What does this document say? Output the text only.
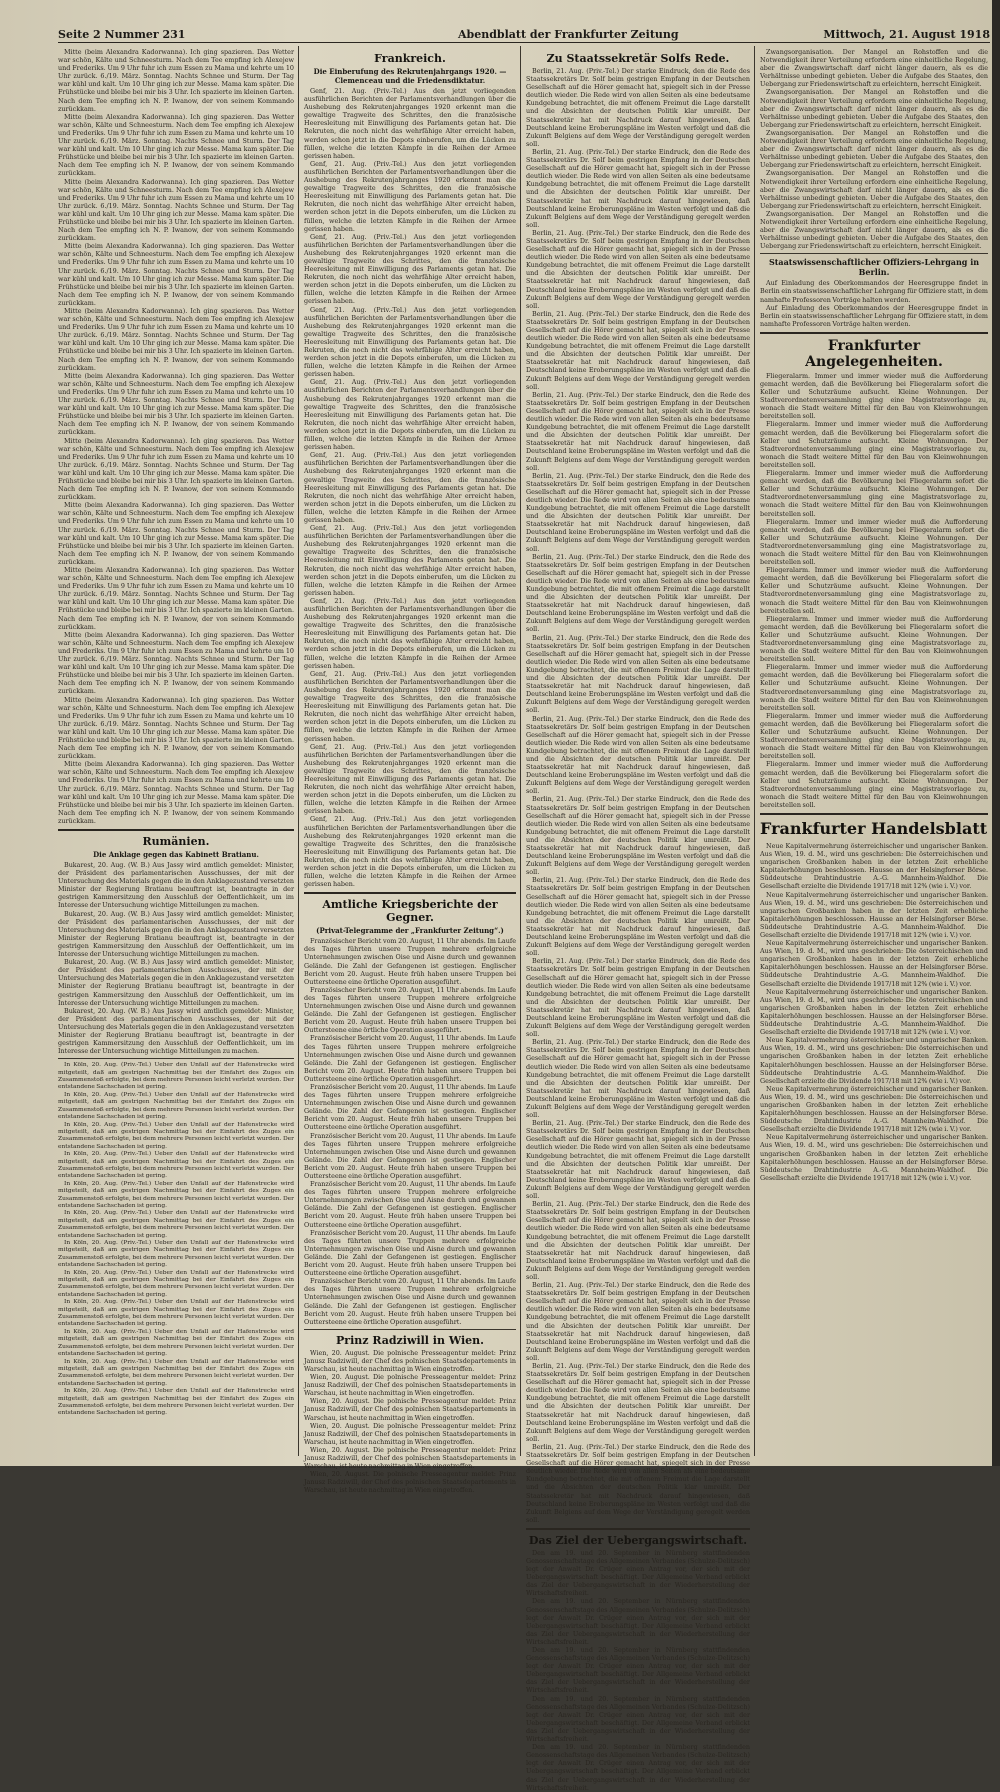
Seite 2 Nummer 231	Abendblatt der Frankfurter Zeitung	Mittwoch, 21. August 1918

Mitte (beim Alexandra Kadorwanna). Ich ging spazieren. Das Wetter war schön, Kälte und Schneesturm. Nach dem Tee empfing ich Alexejew und Frederiks. Um 9 Uhr fuhr ich zum Essen zu Mama und kehrte um 10 Uhr zurück. 6./19. März. Sonntag. Nachts Schnee und Sturm. Der Tag war kühl und kalt. Um 10 Uhr ging ich zur Messe. Mama kam später. Die Frühstücke und bleibe bei mir bis 3 Uhr. Ich spazierte im kleinen Garten. Nach dem Tee empfing ich N. P. Iwanow, der von seinem Kommando zurückkam.

Mitte (beim Alexandra Kadorwanna). Ich ging spazieren. Das Wetter war schön, Kälte und Schneesturm. Nach dem Tee empfing ich Alexejew und Frederiks. Um 9 Uhr fuhr ich zum Essen zu Mama und kehrte um 10 Uhr zurück. 6./19. März. Sonntag. Nachts Schnee und Sturm. Der Tag war kühl und kalt. Um 10 Uhr ging ich zur Messe. Mama kam später. Die Frühstücke und bleibe bei mir bis 3 Uhr. Ich spazierte im kleinen Garten. Nach dem Tee empfing ich N. P. Iwanow, der von seinem Kommando zurückkam.

Mitte (beim Alexandra Kadorwanna). Ich ging spazieren. Das Wetter war schön, Kälte und Schneesturm. Nach dem Tee empfing ich Alexejew und Frederiks. Um 9 Uhr fuhr ich zum Essen zu Mama und kehrte um 10 Uhr zurück. 6./19. März. Sonntag. Nachts Schnee und Sturm. Der Tag war kühl und kalt. Um 10 Uhr ging ich zur Messe. Mama kam später. Die Frühstücke und bleibe bei mir bis 3 Uhr. Ich spazierte im kleinen Garten. Nach dem Tee empfing ich N. P. Iwanow, der von seinem Kommando zurückkam.

Mitte (beim Alexandra Kadorwanna). Ich ging spazieren. Das Wetter war schön, Kälte und Schneesturm. Nach dem Tee empfing ich Alexejew und Frederiks. Um 9 Uhr fuhr ich zum Essen zu Mama und kehrte um 10 Uhr zurück. 6./19. März. Sonntag. Nachts Schnee und Sturm. Der Tag war kühl und kalt. Um 10 Uhr ging ich zur Messe. Mama kam später. Die Frühstücke und bleibe bei mir bis 3 Uhr. Ich spazierte im kleinen Garten. Nach dem Tee empfing ich N. P. Iwanow, der von seinem Kommando zurückkam.

Mitte (beim Alexandra Kadorwanna). Ich ging spazieren. Das Wetter war schön, Kälte und Schneesturm. Nach dem Tee empfing ich Alexejew und Frederiks. Um 9 Uhr fuhr ich zum Essen zu Mama und kehrte um 10 Uhr zurück. 6./19. März. Sonntag. Nachts Schnee und Sturm. Der Tag war kühl und kalt. Um 10 Uhr ging ich zur Messe. Mama kam später. Die Frühstücke und bleibe bei mir bis 3 Uhr. Ich spazierte im kleinen Garten. Nach dem Tee empfing ich N. P. Iwanow, der von seinem Kommando zurückkam.

Mitte (beim Alexandra Kadorwanna). Ich ging spazieren. Das Wetter war schön, Kälte und Schneesturm. Nach dem Tee empfing ich Alexejew und Frederiks. Um 9 Uhr fuhr ich zum Essen zu Mama und kehrte um 10 Uhr zurück. 6./19. März. Sonntag. Nachts Schnee und Sturm. Der Tag war kühl und kalt. Um 10 Uhr ging ich zur Messe. Mama kam später. Die Frühstücke und bleibe bei mir bis 3 Uhr. Ich spazierte im kleinen Garten. Nach dem Tee empfing ich N. P. Iwanow, der von seinem Kommando zurückkam.

Mitte (beim Alexandra Kadorwanna). Ich ging spazieren. Das Wetter war schön, Kälte und Schneesturm. Nach dem Tee empfing ich Alexejew und Frederiks. Um 9 Uhr fuhr ich zum Essen zu Mama und kehrte um 10 Uhr zurück. 6./19. März. Sonntag. Nachts Schnee und Sturm. Der Tag war kühl und kalt. Um 10 Uhr ging ich zur Messe. Mama kam später. Die Frühstücke und bleibe bei mir bis 3 Uhr. Ich spazierte im kleinen Garten. Nach dem Tee empfing ich N. P. Iwanow, der von seinem Kommando zurückkam.

Mitte (beim Alexandra Kadorwanna). Ich ging spazieren. Das Wetter war schön, Kälte und Schneesturm. Nach dem Tee empfing ich Alexejew und Frederiks. Um 9 Uhr fuhr ich zum Essen zu Mama und kehrte um 10 Uhr zurück. 6./19. März. Sonntag. Nachts Schnee und Sturm. Der Tag war kühl und kalt. Um 10 Uhr ging ich zur Messe. Mama kam später. Die Frühstücke und bleibe bei mir bis 3 Uhr. Ich spazierte im kleinen Garten. Nach dem Tee empfing ich N. P. Iwanow, der von seinem Kommando zurückkam.

Mitte (beim Alexandra Kadorwanna). Ich ging spazieren. Das Wetter war schön, Kälte und Schneesturm. Nach dem Tee empfing ich Alexejew und Frederiks. Um 9 Uhr fuhr ich zum Essen zu Mama und kehrte um 10 Uhr zurück. 6./19. März. Sonntag. Nachts Schnee und Sturm. Der Tag war kühl und kalt. Um 10 Uhr ging ich zur Messe. Mama kam später. Die Frühstücke und bleibe bei mir bis 3 Uhr. Ich spazierte im kleinen Garten. Nach dem Tee empfing ich N. P. Iwanow, der von seinem Kommando zurückkam.

Mitte (beim Alexandra Kadorwanna). Ich ging spazieren. Das Wetter war schön, Kälte und Schneesturm. Nach dem Tee empfing ich Alexejew und Frederiks. Um 9 Uhr fuhr ich zum Essen zu Mama und kehrte um 10 Uhr zurück. 6./19. März. Sonntag. Nachts Schnee und Sturm. Der Tag war kühl und kalt. Um 10 Uhr ging ich zur Messe. Mama kam später. Die Frühstücke und bleibe bei mir bis 3 Uhr. Ich spazierte im kleinen Garten. Nach dem Tee empfing ich N. P. Iwanow, der von seinem Kommando zurückkam.

Mitte (beim Alexandra Kadorwanna). Ich ging spazieren. Das Wetter war schön, Kälte und Schneesturm. Nach dem Tee empfing ich Alexejew und Frederiks. Um 9 Uhr fuhr ich zum Essen zu Mama und kehrte um 10 Uhr zurück. 6./19. März. Sonntag. Nachts Schnee und Sturm. Der Tag war kühl und kalt. Um 10 Uhr ging ich zur Messe. Mama kam später. Die Frühstücke und bleibe bei mir bis 3 Uhr. Ich spazierte im kleinen Garten. Nach dem Tee empfing ich N. P. Iwanow, der von seinem Kommando zurückkam.

Mitte (beim Alexandra Kadorwanna). Ich ging spazieren. Das Wetter war schön, Kälte und Schneesturm. Nach dem Tee empfing ich Alexejew und Frederiks. Um 9 Uhr fuhr ich zum Essen zu Mama und kehrte um 10 Uhr zurück. 6./19. März. Sonntag. Nachts Schnee und Sturm. Der Tag war kühl und kalt. Um 10 Uhr ging ich zur Messe. Mama kam später. Die Frühstücke und bleibe bei mir bis 3 Uhr. Ich spazierte im kleinen Garten. Nach dem Tee empfing ich N. P. Iwanow, der von seinem Kommando zurückkam.

Rumänien.
Die Anklage gegen das Kabinett Bratianu.

Bukarest, 20. Aug. (W. B.) Aus Jassy wird amtlich gemeldet: Minister, der Präsident des parlamentarischen Ausschusses, der mit der Untersuchung des Materials gegen die in den Anklagezustand versetzten Minister der Regierung Bratianu beauftragt ist, beantragte in der gestrigen Kammersitzung den Ausschluß der Oeffentlichkeit, um im Interesse der Untersuchung wichtige Mitteilungen zu machen.

Bukarest, 20. Aug. (W. B.) Aus Jassy wird amtlich gemeldet: Minister, der Präsident des parlamentarischen Ausschusses, der mit der Untersuchung des Materials gegen die in den Anklagezustand versetzten Minister der Regierung Bratianu beauftragt ist, beantragte in der gestrigen Kammersitzung den Ausschluß der Oeffentlichkeit, um im Interesse der Untersuchung wichtige Mitteilungen zu machen.

Bukarest, 20. Aug. (W. B.) Aus Jassy wird amtlich gemeldet: Minister, der Präsident des parlamentarischen Ausschusses, der mit der Untersuchung des Materials gegen die in den Anklagezustand versetzten Minister der Regierung Bratianu beauftragt ist, beantragte in der gestrigen Kammersitzung den Ausschluß der Oeffentlichkeit, um im Interesse der Untersuchung wichtige Mitteilungen zu machen.

Bukarest, 20. Aug. (W. B.) Aus Jassy wird amtlich gemeldet: Minister, der Präsident des parlamentarischen Ausschusses, der mit der Untersuchung des Materials gegen die in den Anklagezustand versetzten Minister der Regierung Bratianu beauftragt ist, beantragte in der gestrigen Kammersitzung den Ausschluß der Oeffentlichkeit, um im Interesse der Untersuchung wichtige Mitteilungen zu machen.

In Köln, 20. Aug. (Priv.-Tel.) Ueber den Unfall auf der Hafenstrecke wird mitgeteilt, daß am gestrigen Nachmittag bei der Einfahrt des Zuges ein Zusammenstoß erfolgte, bei dem mehrere Personen leicht verletzt wurden. Der entstandene Sachschaden ist gering.

In Köln, 20. Aug. (Priv.-Tel.) Ueber den Unfall auf der Hafenstrecke wird mitgeteilt, daß am gestrigen Nachmittag bei der Einfahrt des Zuges ein Zusammenstoß erfolgte, bei dem mehrere Personen leicht verletzt wurden. Der entstandene Sachschaden ist gering.

In Köln, 20. Aug. (Priv.-Tel.) Ueber den Unfall auf der Hafenstrecke wird mitgeteilt, daß am gestrigen Nachmittag bei der Einfahrt des Zuges ein Zusammenstoß erfolgte, bei dem mehrere Personen leicht verletzt wurden. Der entstandene Sachschaden ist gering.

In Köln, 20. Aug. (Priv.-Tel.) Ueber den Unfall auf der Hafenstrecke wird mitgeteilt, daß am gestrigen Nachmittag bei der Einfahrt des Zuges ein Zusammenstoß erfolgte, bei dem mehrere Personen leicht verletzt wurden. Der entstandene Sachschaden ist gering.

In Köln, 20. Aug. (Priv.-Tel.) Ueber den Unfall auf der Hafenstrecke wird mitgeteilt, daß am gestrigen Nachmittag bei der Einfahrt des Zuges ein Zusammenstoß erfolgte, bei dem mehrere Personen leicht verletzt wurden. Der entstandene Sachschaden ist gering.

In Köln, 20. Aug. (Priv.-Tel.) Ueber den Unfall auf der Hafenstrecke wird mitgeteilt, daß am gestrigen Nachmittag bei der Einfahrt des Zuges ein Zusammenstoß erfolgte, bei dem mehrere Personen leicht verletzt wurden. Der entstandene Sachschaden ist gering.

In Köln, 20. Aug. (Priv.-Tel.) Ueber den Unfall auf der Hafenstrecke wird mitgeteilt, daß am gestrigen Nachmittag bei der Einfahrt des Zuges ein Zusammenstoß erfolgte, bei dem mehrere Personen leicht verletzt wurden. Der entstandene Sachschaden ist gering.

In Köln, 20. Aug. (Priv.-Tel.) Ueber den Unfall auf der Hafenstrecke wird mitgeteilt, daß am gestrigen Nachmittag bei der Einfahrt des Zuges ein Zusammenstoß erfolgte, bei dem mehrere Personen leicht verletzt wurden. Der entstandene Sachschaden ist gering.

In Köln, 20. Aug. (Priv.-Tel.) Ueber den Unfall auf der Hafenstrecke wird mitgeteilt, daß am gestrigen Nachmittag bei der Einfahrt des Zuges ein Zusammenstoß erfolgte, bei dem mehrere Personen leicht verletzt wurden. Der entstandene Sachschaden ist gering.

In Köln, 20. Aug. (Priv.-Tel.) Ueber den Unfall auf der Hafenstrecke wird mitgeteilt, daß am gestrigen Nachmittag bei der Einfahrt des Zuges ein Zusammenstoß erfolgte, bei dem mehrere Personen leicht verletzt wurden. Der entstandene Sachschaden ist gering.

In Köln, 20. Aug. (Priv.-Tel.) Ueber den Unfall auf der Hafenstrecke wird mitgeteilt, daß am gestrigen Nachmittag bei der Einfahrt des Zuges ein Zusammenstoß erfolgte, bei dem mehrere Personen leicht verletzt wurden. Der entstandene Sachschaden ist gering.

In Köln, 20. Aug. (Priv.-Tel.) Ueber den Unfall auf der Hafenstrecke wird mitgeteilt, daß am gestrigen Nachmittag bei der Einfahrt des Zuges ein Zusammenstoß erfolgte, bei dem mehrere Personen leicht verletzt wurden. Der entstandene Sachschaden ist gering.

Frankreich.
Die Einberufung des Rekrutenjahrgangs 1920. — Clemenceau und die Friedensdiktatur.

Genf, 21. Aug. (Priv.-Tel.) Aus den jetzt vorliegenden ausführlichen Berichten der Parlamentsverhandlungen über die Aushebung des Rekrutenjahrganges 1920 erkennt man die gewaltige Tragweite des Schrittes, den die französische Heeresleitung mit Einwilligung des Parlaments getan hat. Die Rekruten, die noch nicht das wehrfähige Alter erreicht haben, werden schon jetzt in die Depots einberufen, um die Lücken zu füllen, welche die letzten Kämpfe in die Reihen der Armee gerissen haben.

Genf, 21. Aug. (Priv.-Tel.) Aus den jetzt vorliegenden ausführlichen Berichten der Parlamentsverhandlungen über die Aushebung des Rekrutenjahrganges 1920 erkennt man die gewaltige Tragweite des Schrittes, den die französische Heeresleitung mit Einwilligung des Parlaments getan hat. Die Rekruten, die noch nicht das wehrfähige Alter erreicht haben, werden schon jetzt in die Depots einberufen, um die Lücken zu füllen, welche die letzten Kämpfe in die Reihen der Armee gerissen haben.

Genf, 21. Aug. (Priv.-Tel.) Aus den jetzt vorliegenden ausführlichen Berichten der Parlamentsverhandlungen über die Aushebung des Rekrutenjahrganges 1920 erkennt man die gewaltige Tragweite des Schrittes, den die französische Heeresleitung mit Einwilligung des Parlaments getan hat. Die Rekruten, die noch nicht das wehrfähige Alter erreicht haben, werden schon jetzt in die Depots einberufen, um die Lücken zu füllen, welche die letzten Kämpfe in die Reihen der Armee gerissen haben.

Genf, 21. Aug. (Priv.-Tel.) Aus den jetzt vorliegenden ausführlichen Berichten der Parlamentsverhandlungen über die Aushebung des Rekrutenjahrganges 1920 erkennt man die gewaltige Tragweite des Schrittes, den die französische Heeresleitung mit Einwilligung des Parlaments getan hat. Die Rekruten, die noch nicht das wehrfähige Alter erreicht haben, werden schon jetzt in die Depots einberufen, um die Lücken zu füllen, welche die letzten Kämpfe in die Reihen der Armee gerissen haben.

Genf, 21. Aug. (Priv.-Tel.) Aus den jetzt vorliegenden ausführlichen Berichten der Parlamentsverhandlungen über die Aushebung des Rekrutenjahrganges 1920 erkennt man die gewaltige Tragweite des Schrittes, den die französische Heeresleitung mit Einwilligung des Parlaments getan hat. Die Rekruten, die noch nicht das wehrfähige Alter erreicht haben, werden schon jetzt in die Depots einberufen, um die Lücken zu füllen, welche die letzten Kämpfe in die Reihen der Armee gerissen haben.

Genf, 21. Aug. (Priv.-Tel.) Aus den jetzt vorliegenden ausführlichen Berichten der Parlamentsverhandlungen über die Aushebung des Rekrutenjahrganges 1920 erkennt man die gewaltige Tragweite des Schrittes, den die französische Heeresleitung mit Einwilligung des Parlaments getan hat. Die Rekruten, die noch nicht das wehrfähige Alter erreicht haben, werden schon jetzt in die Depots einberufen, um die Lücken zu füllen, welche die letzten Kämpfe in die Reihen der Armee gerissen haben.

Genf, 21. Aug. (Priv.-Tel.) Aus den jetzt vorliegenden ausführlichen Berichten der Parlamentsverhandlungen über die Aushebung des Rekrutenjahrganges 1920 erkennt man die gewaltige Tragweite des Schrittes, den die französische Heeresleitung mit Einwilligung des Parlaments getan hat. Die Rekruten, die noch nicht das wehrfähige Alter erreicht haben, werden schon jetzt in die Depots einberufen, um die Lücken zu füllen, welche die letzten Kämpfe in die Reihen der Armee gerissen haben.

Genf, 21. Aug. (Priv.-Tel.) Aus den jetzt vorliegenden ausführlichen Berichten der Parlamentsverhandlungen über die Aushebung des Rekrutenjahrganges 1920 erkennt man die gewaltige Tragweite des Schrittes, den die französische Heeresleitung mit Einwilligung des Parlaments getan hat. Die Rekruten, die noch nicht das wehrfähige Alter erreicht haben, werden schon jetzt in die Depots einberufen, um die Lücken zu füllen, welche die letzten Kämpfe in die Reihen der Armee gerissen haben.

Genf, 21. Aug. (Priv.-Tel.) Aus den jetzt vorliegenden ausführlichen Berichten der Parlamentsverhandlungen über die Aushebung des Rekrutenjahrganges 1920 erkennt man die gewaltige Tragweite des Schrittes, den die französische Heeresleitung mit Einwilligung des Parlaments getan hat. Die Rekruten, die noch nicht das wehrfähige Alter erreicht haben, werden schon jetzt in die Depots einberufen, um die Lücken zu füllen, welche die letzten Kämpfe in die Reihen der Armee gerissen haben.

Genf, 21. Aug. (Priv.-Tel.) Aus den jetzt vorliegenden ausführlichen Berichten der Parlamentsverhandlungen über die Aushebung des Rekrutenjahrganges 1920 erkennt man die gewaltige Tragweite des Schrittes, den die französische Heeresleitung mit Einwilligung des Parlaments getan hat. Die Rekruten, die noch nicht das wehrfähige Alter erreicht haben, werden schon jetzt in die Depots einberufen, um die Lücken zu füllen, welche die letzten Kämpfe in die Reihen der Armee gerissen haben.

Genf, 21. Aug. (Priv.-Tel.) Aus den jetzt vorliegenden ausführlichen Berichten der Parlamentsverhandlungen über die Aushebung des Rekrutenjahrganges 1920 erkennt man die gewaltige Tragweite des Schrittes, den die französische Heeresleitung mit Einwilligung des Parlaments getan hat. Die Rekruten, die noch nicht das wehrfähige Alter erreicht haben, werden schon jetzt in die Depots einberufen, um die Lücken zu füllen, welche die letzten Kämpfe in die Reihen der Armee gerissen haben.

Amtliche Kriegsberichte der Gegner.
(Privat-Telegramme der „Frankfurter Zeitung“.)

Französischer Bericht vom 20. August, 11 Uhr abends. Im Laufe des Tages führten unsere Truppen mehrere erfolgreiche Unternehmungen zwischen Oise und Aisne durch und gewannen Gelände. Die Zahl der Gefangenen ist gestiegen. Englischer Bericht vom 20. August. Heute früh haben unsere Truppen bei Outtersteene eine örtliche Operation ausgeführt.

Französischer Bericht vom 20. August, 11 Uhr abends. Im Laufe des Tages führten unsere Truppen mehrere erfolgreiche Unternehmungen zwischen Oise und Aisne durch und gewannen Gelände. Die Zahl der Gefangenen ist gestiegen. Englischer Bericht vom 20. August. Heute früh haben unsere Truppen bei Outtersteene eine örtliche Operation ausgeführt.

Französischer Bericht vom 20. August, 11 Uhr abends. Im Laufe des Tages führten unsere Truppen mehrere erfolgreiche Unternehmungen zwischen Oise und Aisne durch und gewannen Gelände. Die Zahl der Gefangenen ist gestiegen. Englischer Bericht vom 20. August. Heute früh haben unsere Truppen bei Outtersteene eine örtliche Operation ausgeführt.

Französischer Bericht vom 20. August, 11 Uhr abends. Im Laufe des Tages führten unsere Truppen mehrere erfolgreiche Unternehmungen zwischen Oise und Aisne durch und gewannen Gelände. Die Zahl der Gefangenen ist gestiegen. Englischer Bericht vom 20. August. Heute früh haben unsere Truppen bei Outtersteene eine örtliche Operation ausgeführt.

Französischer Bericht vom 20. August, 11 Uhr abends. Im Laufe des Tages führten unsere Truppen mehrere erfolgreiche Unternehmungen zwischen Oise und Aisne durch und gewannen Gelände. Die Zahl der Gefangenen ist gestiegen. Englischer Bericht vom 20. August. Heute früh haben unsere Truppen bei Outtersteene eine örtliche Operation ausgeführt.

Französischer Bericht vom 20. August, 11 Uhr abends. Im Laufe des Tages führten unsere Truppen mehrere erfolgreiche Unternehmungen zwischen Oise und Aisne durch und gewannen Gelände. Die Zahl der Gefangenen ist gestiegen. Englischer Bericht vom 20. August. Heute früh haben unsere Truppen bei Outtersteene eine örtliche Operation ausgeführt.

Französischer Bericht vom 20. August, 11 Uhr abends. Im Laufe des Tages führten unsere Truppen mehrere erfolgreiche Unternehmungen zwischen Oise und Aisne durch und gewannen Gelände. Die Zahl der Gefangenen ist gestiegen. Englischer Bericht vom 20. August. Heute früh haben unsere Truppen bei Outtersteene eine örtliche Operation ausgeführt.

Französischer Bericht vom 20. August, 11 Uhr abends. Im Laufe des Tages führten unsere Truppen mehrere erfolgreiche Unternehmungen zwischen Oise und Aisne durch und gewannen Gelände. Die Zahl der Gefangenen ist gestiegen. Englischer Bericht vom 20. August. Heute früh haben unsere Truppen bei Outtersteene eine örtliche Operation ausgeführt.

Prinz Radziwill in Wien.

Wien, 20. August. Die polnische Presseagentur meldet: Prinz Janusz Radziwill, der Chef des polnischen Staatsdepartements in Warschau, ist heute nachmittag in Wien eingetroffen.

Wien, 20. August. Die polnische Presseagentur meldet: Prinz Janusz Radziwill, der Chef des polnischen Staatsdepartements in Warschau, ist heute nachmittag in Wien eingetroffen.

Wien, 20. August. Die polnische Presseagentur meldet: Prinz Janusz Radziwill, der Chef des polnischen Staatsdepartements in Warschau, ist heute nachmittag in Wien eingetroffen.

Wien, 20. August. Die polnische Presseagentur meldet: Prinz Janusz Radziwill, der Chef des polnischen Staatsdepartements in Warschau, ist heute nachmittag in Wien eingetroffen.

Wien, 20. August. Die polnische Presseagentur meldet: Prinz Janusz Radziwill, der Chef des polnischen Staatsdepartements in Warschau, ist heute nachmittag in Wien eingetroffen.

Wien, 20. August. Die polnische Presseagentur meldet: Prinz Janusz Radziwill, der Chef des polnischen Staatsdepartements in Warschau, ist heute nachmittag in Wien eingetroffen.

Zu Staatssekretär Solfs Rede.

Berlin, 21. Aug. (Priv.-Tel.) Der starke Eindruck, den die Rede des Staatssekretärs Dr. Solf beim gestrigen Empfang in der Deutschen Gesellschaft auf die Hörer gemacht hat, spiegelt sich in der Presse deutlich wieder. Die Rede wird von allen Seiten als eine bedeutsame Kundgebung betrachtet, die mit offenem Freimut die Lage darstellt und die Absichten der deutschen Politik klar umreißt. Der Staatssekretär hat mit Nachdruck darauf hingewiesen, daß Deutschland keine Eroberungspläne im Westen verfolgt und daß die Zukunft Belgiens auf dem Wege der Verständigung geregelt werden soll.

Berlin, 21. Aug. (Priv.-Tel.) Der starke Eindruck, den die Rede des Staatssekretärs Dr. Solf beim gestrigen Empfang in der Deutschen Gesellschaft auf die Hörer gemacht hat, spiegelt sich in der Presse deutlich wieder. Die Rede wird von allen Seiten als eine bedeutsame Kundgebung betrachtet, die mit offenem Freimut die Lage darstellt und die Absichten der deutschen Politik klar umreißt. Der Staatssekretär hat mit Nachdruck darauf hingewiesen, daß Deutschland keine Eroberungspläne im Westen verfolgt und daß die Zukunft Belgiens auf dem Wege der Verständigung geregelt werden soll.

Berlin, 21. Aug. (Priv.-Tel.) Der starke Eindruck, den die Rede des Staatssekretärs Dr. Solf beim gestrigen Empfang in der Deutschen Gesellschaft auf die Hörer gemacht hat, spiegelt sich in der Presse deutlich wieder. Die Rede wird von allen Seiten als eine bedeutsame Kundgebung betrachtet, die mit offenem Freimut die Lage darstellt und die Absichten der deutschen Politik klar umreißt. Der Staatssekretär hat mit Nachdruck darauf hingewiesen, daß Deutschland keine Eroberungspläne im Westen verfolgt und daß die Zukunft Belgiens auf dem Wege der Verständigung geregelt werden soll.

Berlin, 21. Aug. (Priv.-Tel.) Der starke Eindruck, den die Rede des Staatssekretärs Dr. Solf beim gestrigen Empfang in der Deutschen Gesellschaft auf die Hörer gemacht hat, spiegelt sich in der Presse deutlich wieder. Die Rede wird von allen Seiten als eine bedeutsame Kundgebung betrachtet, die mit offenem Freimut die Lage darstellt und die Absichten der deutschen Politik klar umreißt. Der Staatssekretär hat mit Nachdruck darauf hingewiesen, daß Deutschland keine Eroberungspläne im Westen verfolgt und daß die Zukunft Belgiens auf dem Wege der Verständigung geregelt werden soll.

Berlin, 21. Aug. (Priv.-Tel.) Der starke Eindruck, den die Rede des Staatssekretärs Dr. Solf beim gestrigen Empfang in der Deutschen Gesellschaft auf die Hörer gemacht hat, spiegelt sich in der Presse deutlich wieder. Die Rede wird von allen Seiten als eine bedeutsame Kundgebung betrachtet, die mit offenem Freimut die Lage darstellt und die Absichten der deutschen Politik klar umreißt. Der Staatssekretär hat mit Nachdruck darauf hingewiesen, daß Deutschland keine Eroberungspläne im Westen verfolgt und daß die Zukunft Belgiens auf dem Wege der Verständigung geregelt werden soll.

Berlin, 21. Aug. (Priv.-Tel.) Der starke Eindruck, den die Rede des Staatssekretärs Dr. Solf beim gestrigen Empfang in der Deutschen Gesellschaft auf die Hörer gemacht hat, spiegelt sich in der Presse deutlich wieder. Die Rede wird von allen Seiten als eine bedeutsame Kundgebung betrachtet, die mit offenem Freimut die Lage darstellt und die Absichten der deutschen Politik klar umreißt. Der Staatssekretär hat mit Nachdruck darauf hingewiesen, daß Deutschland keine Eroberungspläne im Westen verfolgt und daß die Zukunft Belgiens auf dem Wege der Verständigung geregelt werden soll.

Berlin, 21. Aug. (Priv.-Tel.) Der starke Eindruck, den die Rede des Staatssekretärs Dr. Solf beim gestrigen Empfang in der Deutschen Gesellschaft auf die Hörer gemacht hat, spiegelt sich in der Presse deutlich wieder. Die Rede wird von allen Seiten als eine bedeutsame Kundgebung betrachtet, die mit offenem Freimut die Lage darstellt und die Absichten der deutschen Politik klar umreißt. Der Staatssekretär hat mit Nachdruck darauf hingewiesen, daß Deutschland keine Eroberungspläne im Westen verfolgt und daß die Zukunft Belgiens auf dem Wege der Verständigung geregelt werden soll.

Berlin, 21. Aug. (Priv.-Tel.) Der starke Eindruck, den die Rede des Staatssekretärs Dr. Solf beim gestrigen Empfang in der Deutschen Gesellschaft auf die Hörer gemacht hat, spiegelt sich in der Presse deutlich wieder. Die Rede wird von allen Seiten als eine bedeutsame Kundgebung betrachtet, die mit offenem Freimut die Lage darstellt und die Absichten der deutschen Politik klar umreißt. Der Staatssekretär hat mit Nachdruck darauf hingewiesen, daß Deutschland keine Eroberungspläne im Westen verfolgt und daß die Zukunft Belgiens auf dem Wege der Verständigung geregelt werden soll.

Berlin, 21. Aug. (Priv.-Tel.) Der starke Eindruck, den die Rede des Staatssekretärs Dr. Solf beim gestrigen Empfang in der Deutschen Gesellschaft auf die Hörer gemacht hat, spiegelt sich in der Presse deutlich wieder. Die Rede wird von allen Seiten als eine bedeutsame Kundgebung betrachtet, die mit offenem Freimut die Lage darstellt und die Absichten der deutschen Politik klar umreißt. Der Staatssekretär hat mit Nachdruck darauf hingewiesen, daß Deutschland keine Eroberungspläne im Westen verfolgt und daß die Zukunft Belgiens auf dem Wege der Verständigung geregelt werden soll.

Berlin, 21. Aug. (Priv.-Tel.) Der starke Eindruck, den die Rede des Staatssekretärs Dr. Solf beim gestrigen Empfang in der Deutschen Gesellschaft auf die Hörer gemacht hat, spiegelt sich in der Presse deutlich wieder. Die Rede wird von allen Seiten als eine bedeutsame Kundgebung betrachtet, die mit offenem Freimut die Lage darstellt und die Absichten der deutschen Politik klar umreißt. Der Staatssekretär hat mit Nachdruck darauf hingewiesen, daß Deutschland keine Eroberungspläne im Westen verfolgt und daß die Zukunft Belgiens auf dem Wege der Verständigung geregelt werden soll.

Berlin, 21. Aug. (Priv.-Tel.) Der starke Eindruck, den die Rede des Staatssekretärs Dr. Solf beim gestrigen Empfang in der Deutschen Gesellschaft auf die Hörer gemacht hat, spiegelt sich in der Presse deutlich wieder. Die Rede wird von allen Seiten als eine bedeutsame Kundgebung betrachtet, die mit offenem Freimut die Lage darstellt und die Absichten der deutschen Politik klar umreißt. Der Staatssekretär hat mit Nachdruck darauf hingewiesen, daß Deutschland keine Eroberungspläne im Westen verfolgt und daß die Zukunft Belgiens auf dem Wege der Verständigung geregelt werden soll.

Berlin, 21. Aug. (Priv.-Tel.) Der starke Eindruck, den die Rede des Staatssekretärs Dr. Solf beim gestrigen Empfang in der Deutschen Gesellschaft auf die Hörer gemacht hat, spiegelt sich in der Presse deutlich wieder. Die Rede wird von allen Seiten als eine bedeutsame Kundgebung betrachtet, die mit offenem Freimut die Lage darstellt und die Absichten der deutschen Politik klar umreißt. Der Staatssekretär hat mit Nachdruck darauf hingewiesen, daß Deutschland keine Eroberungspläne im Westen verfolgt und daß die Zukunft Belgiens auf dem Wege der Verständigung geregelt werden soll.

Berlin, 21. Aug. (Priv.-Tel.) Der starke Eindruck, den die Rede des Staatssekretärs Dr. Solf beim gestrigen Empfang in der Deutschen Gesellschaft auf die Hörer gemacht hat, spiegelt sich in der Presse deutlich wieder. Die Rede wird von allen Seiten als eine bedeutsame Kundgebung betrachtet, die mit offenem Freimut die Lage darstellt und die Absichten der deutschen Politik klar umreißt. Der Staatssekretär hat mit Nachdruck darauf hingewiesen, daß Deutschland keine Eroberungspläne im Westen verfolgt und daß die Zukunft Belgiens auf dem Wege der Verständigung geregelt werden soll.

Berlin, 21. Aug. (Priv.-Tel.) Der starke Eindruck, den die Rede des Staatssekretärs Dr. Solf beim gestrigen Empfang in der Deutschen Gesellschaft auf die Hörer gemacht hat, spiegelt sich in der Presse deutlich wieder. Die Rede wird von allen Seiten als eine bedeutsame Kundgebung betrachtet, die mit offenem Freimut die Lage darstellt und die Absichten der deutschen Politik klar umreißt. Der Staatssekretär hat mit Nachdruck darauf hingewiesen, daß Deutschland keine Eroberungspläne im Westen verfolgt und daß die Zukunft Belgiens auf dem Wege der Verständigung geregelt werden soll.

Berlin, 21. Aug. (Priv.-Tel.) Der starke Eindruck, den die Rede des Staatssekretärs Dr. Solf beim gestrigen Empfang in der Deutschen Gesellschaft auf die Hörer gemacht hat, spiegelt sich in der Presse deutlich wieder. Die Rede wird von allen Seiten als eine bedeutsame Kundgebung betrachtet, die mit offenem Freimut die Lage darstellt und die Absichten der deutschen Politik klar umreißt. Der Staatssekretär hat mit Nachdruck darauf hingewiesen, daß Deutschland keine Eroberungspläne im Westen verfolgt und daß die Zukunft Belgiens auf dem Wege der Verständigung geregelt werden soll.

Berlin, 21. Aug. (Priv.-Tel.) Der starke Eindruck, den die Rede des Staatssekretärs Dr. Solf beim gestrigen Empfang in der Deutschen Gesellschaft auf die Hörer gemacht hat, spiegelt sich in der Presse deutlich wieder. Die Rede wird von allen Seiten als eine bedeutsame Kundgebung betrachtet, die mit offenem Freimut die Lage darstellt und die Absichten der deutschen Politik klar umreißt. Der Staatssekretär hat mit Nachdruck darauf hingewiesen, daß Deutschland keine Eroberungspläne im Westen verfolgt und daß die Zukunft Belgiens auf dem Wege der Verständigung geregelt werden soll.

Berlin, 21. Aug. (Priv.-Tel.) Der starke Eindruck, den die Rede des Staatssekretärs Dr. Solf beim gestrigen Empfang in der Deutschen Gesellschaft auf die Hörer gemacht hat, spiegelt sich in der Presse deutlich wieder. Die Rede wird von allen Seiten als eine bedeutsame Kundgebung betrachtet, die mit offenem Freimut die Lage darstellt und die Absichten der deutschen Politik klar umreißt. Der Staatssekretär hat mit Nachdruck darauf hingewiesen, daß Deutschland keine Eroberungspläne im Westen verfolgt und daß die Zukunft Belgiens auf dem Wege der Verständigung geregelt werden soll.

Berlin, 21. Aug. (Priv.-Tel.) Der starke Eindruck, den die Rede des Staatssekretärs Dr. Solf beim gestrigen Empfang in der Deutschen Gesellschaft auf die Hörer gemacht hat, spiegelt sich in der Presse deutlich wieder. Die Rede wird von allen Seiten als eine bedeutsame Kundgebung betrachtet, die mit offenem Freimut die Lage darstellt und die Absichten der deutschen Politik klar umreißt. Der Staatssekretär hat mit Nachdruck darauf hingewiesen, daß Deutschland keine Eroberungspläne im Westen verfolgt und daß die Zukunft Belgiens auf dem Wege der Verständigung geregelt werden soll.

Das Ziel der Uebergangswirtschaft.

Den am 19. und 20. September in Nürnberg stattfindenden Genossenschaftstage des Allgemeinen Verbandes (Schulze-Delitzsch) legt der Anwalt Dr. Crüger einen Antrag vor, der sich mit der Uebergangswirtschaft beschäftigt. Der Allgemeine Verband erblickt das Ziel der Uebergangswirtschaft in der Wiederherstellung der Wirtschaftsfreiheit.

Den am 19. und 20. September in Nürnberg stattfindenden Genossenschaftstage des Allgemeinen Verbandes (Schulze-Delitzsch) legt der Anwalt Dr. Crüger einen Antrag vor, der sich mit der Uebergangswirtschaft beschäftigt. Der Allgemeine Verband erblickt das Ziel der Uebergangswirtschaft in der Wiederherstellung der Wirtschaftsfreiheit.

Den am 19. und 20. September in Nürnberg stattfindenden Genossenschaftstage des Allgemeinen Verbandes (Schulze-Delitzsch) legt der Anwalt Dr. Crüger einen Antrag vor, der sich mit der Uebergangswirtschaft beschäftigt. Der Allgemeine Verband erblickt das Ziel der Uebergangswirtschaft in der Wiederherstellung der Wirtschaftsfreiheit.

Den am 19. und 20. September in Nürnberg stattfindenden Genossenschaftstage des Allgemeinen Verbandes (Schulze-Delitzsch) legt der Anwalt Dr. Crüger einen Antrag vor, der sich mit der Uebergangswirtschaft beschäftigt. Der Allgemeine Verband erblickt das Ziel der Uebergangswirtschaft in der Wiederherstellung der Wirtschaftsfreiheit.

Den am 19. und 20. September in Nürnberg stattfindenden Genossenschaftstage des Allgemeinen Verbandes (Schulze-Delitzsch) legt der Anwalt Dr. Crüger einen Antrag vor, der sich mit der Uebergangswirtschaft beschäftigt. Der Allgemeine Verband erblickt das Ziel der Uebergangswirtschaft in der Wiederherstellung der Wirtschaftsfreiheit.

Zwangsorganisation. Der Mangel an Rohstoffen und die Notwendigkeit ihrer Verteilung erfordern eine einheitliche Regelung, aber die Zwangswirtschaft darf nicht länger dauern, als es die Verhältnisse unbedingt gebieten. Ueber die Aufgabe des Staates, den Uebergang zur Friedenswirtschaft zu erleichtern, herrscht Einigkeit.

Zwangsorganisation. Der Mangel an Rohstoffen und die Notwendigkeit ihrer Verteilung erfordern eine einheitliche Regelung, aber die Zwangswirtschaft darf nicht länger dauern, als es die Verhältnisse unbedingt gebieten. Ueber die Aufgabe des Staates, den Uebergang zur Friedenswirtschaft zu erleichtern, herrscht Einigkeit.

Zwangsorganisation. Der Mangel an Rohstoffen und die Notwendigkeit ihrer Verteilung erfordern eine einheitliche Regelung, aber die Zwangswirtschaft darf nicht länger dauern, als es die Verhältnisse unbedingt gebieten. Ueber die Aufgabe des Staates, den Uebergang zur Friedenswirtschaft zu erleichtern, herrscht Einigkeit.

Zwangsorganisation. Der Mangel an Rohstoffen und die Notwendigkeit ihrer Verteilung erfordern eine einheitliche Regelung, aber die Zwangswirtschaft darf nicht länger dauern, als es die Verhältnisse unbedingt gebieten. Ueber die Aufgabe des Staates, den Uebergang zur Friedenswirtschaft zu erleichtern, herrscht Einigkeit.

Zwangsorganisation. Der Mangel an Rohstoffen und die Notwendigkeit ihrer Verteilung erfordern eine einheitliche Regelung, aber die Zwangswirtschaft darf nicht länger dauern, als es die Verhältnisse unbedingt gebieten. Ueber die Aufgabe des Staates, den Uebergang zur Friedenswirtschaft zu erleichtern, herrscht Einigkeit.

Staatswissenschaftlicher Offiziers-Lehrgang in Berlin.

Auf Einladung des Oberkommandos der Heeresgruppe findet in Berlin ein staatswissenschaftlicher Lehrgang für Offiziere statt, in dem namhafte Professoren Vorträge halten werden.

Auf Einladung des Oberkommandos der Heeresgruppe findet in Berlin ein staatswissenschaftlicher Lehrgang für Offiziere statt, in dem namhafte Professoren Vorträge halten werden.

Frankfurter Angelegenheiten.

Fliegeralarm. Immer und immer wieder muß die Aufforderung gemacht werden, daß die Bevölkerung bei Fliegeralarm sofort die Keller und Schutzräume aufsucht. Kleine Wohnungen. Der Stadtverordnetenversammlung ging eine Magistratsvorlage zu, wonach die Stadt weitere Mittel für den Bau von Kleinwohnungen bereitstellen soll.

Fliegeralarm. Immer und immer wieder muß die Aufforderung gemacht werden, daß die Bevölkerung bei Fliegeralarm sofort die Keller und Schutzräume aufsucht. Kleine Wohnungen. Der Stadtverordnetenversammlung ging eine Magistratsvorlage zu, wonach die Stadt weitere Mittel für den Bau von Kleinwohnungen bereitstellen soll.

Fliegeralarm. Immer und immer wieder muß die Aufforderung gemacht werden, daß die Bevölkerung bei Fliegeralarm sofort die Keller und Schutzräume aufsucht. Kleine Wohnungen. Der Stadtverordnetenversammlung ging eine Magistratsvorlage zu, wonach die Stadt weitere Mittel für den Bau von Kleinwohnungen bereitstellen soll.

Fliegeralarm. Immer und immer wieder muß die Aufforderung gemacht werden, daß die Bevölkerung bei Fliegeralarm sofort die Keller und Schutzräume aufsucht. Kleine Wohnungen. Der Stadtverordnetenversammlung ging eine Magistratsvorlage zu, wonach die Stadt weitere Mittel für den Bau von Kleinwohnungen bereitstellen soll.

Fliegeralarm. Immer und immer wieder muß die Aufforderung gemacht werden, daß die Bevölkerung bei Fliegeralarm sofort die Keller und Schutzräume aufsucht. Kleine Wohnungen. Der Stadtverordnetenversammlung ging eine Magistratsvorlage zu, wonach die Stadt weitere Mittel für den Bau von Kleinwohnungen bereitstellen soll.

Fliegeralarm. Immer und immer wieder muß die Aufforderung gemacht werden, daß die Bevölkerung bei Fliegeralarm sofort die Keller und Schutzräume aufsucht. Kleine Wohnungen. Der Stadtverordnetenversammlung ging eine Magistratsvorlage zu, wonach die Stadt weitere Mittel für den Bau von Kleinwohnungen bereitstellen soll.

Fliegeralarm. Immer und immer wieder muß die Aufforderung gemacht werden, daß die Bevölkerung bei Fliegeralarm sofort die Keller und Schutzräume aufsucht. Kleine Wohnungen. Der Stadtverordnetenversammlung ging eine Magistratsvorlage zu, wonach die Stadt weitere Mittel für den Bau von Kleinwohnungen bereitstellen soll.

Fliegeralarm. Immer und immer wieder muß die Aufforderung gemacht werden, daß die Bevölkerung bei Fliegeralarm sofort die Keller und Schutzräume aufsucht. Kleine Wohnungen. Der Stadtverordnetenversammlung ging eine Magistratsvorlage zu, wonach die Stadt weitere Mittel für den Bau von Kleinwohnungen bereitstellen soll.

Fliegeralarm. Immer und immer wieder muß die Aufforderung gemacht werden, daß die Bevölkerung bei Fliegeralarm sofort die Keller und Schutzräume aufsucht. Kleine Wohnungen. Der Stadtverordnetenversammlung ging eine Magistratsvorlage zu, wonach die Stadt weitere Mittel für den Bau von Kleinwohnungen bereitstellen soll.

Frankfurter Handelsblatt

Neue Kapitalvermehrung österreichischer und ungarischer Banken. Aus Wien, 19. d. M., wird uns geschrieben: Die österreichischen und ungarischen Großbanken haben in der letzten Zeit erhebliche Kapitalerhöhungen beschlossen. Hausse an der Helsingforser Börse. Süddeutsche Drahtindustrie A.-G. Mannheim-Waldhof. Die Gesellschaft erzielte die Dividende 1917/18 mit 12% (wie i. V.) vor.

Neue Kapitalvermehrung österreichischer und ungarischer Banken. Aus Wien, 19. d. M., wird uns geschrieben: Die österreichischen und ungarischen Großbanken haben in der letzten Zeit erhebliche Kapitalerhöhungen beschlossen. Hausse an der Helsingforser Börse. Süddeutsche Drahtindustrie A.-G. Mannheim-Waldhof. Die Gesellschaft erzielte die Dividende 1917/18 mit 12% (wie i. V.) vor.

Neue Kapitalvermehrung österreichischer und ungarischer Banken. Aus Wien, 19. d. M., wird uns geschrieben: Die österreichischen und ungarischen Großbanken haben in der letzten Zeit erhebliche Kapitalerhöhungen beschlossen. Hausse an der Helsingforser Börse. Süddeutsche Drahtindustrie A.-G. Mannheim-Waldhof. Die Gesellschaft erzielte die Dividende 1917/18 mit 12% (wie i. V.) vor.

Neue Kapitalvermehrung österreichischer und ungarischer Banken. Aus Wien, 19. d. M., wird uns geschrieben: Die österreichischen und ungarischen Großbanken haben in der letzten Zeit erhebliche Kapitalerhöhungen beschlossen. Hausse an der Helsingforser Börse. Süddeutsche Drahtindustrie A.-G. Mannheim-Waldhof. Die Gesellschaft erzielte die Dividende 1917/18 mit 12% (wie i. V.) vor.

Neue Kapitalvermehrung österreichischer und ungarischer Banken. Aus Wien, 19. d. M., wird uns geschrieben: Die österreichischen und ungarischen Großbanken haben in der letzten Zeit erhebliche Kapitalerhöhungen beschlossen. Hausse an der Helsingforser Börse. Süddeutsche Drahtindustrie A.-G. Mannheim-Waldhof. Die Gesellschaft erzielte die Dividende 1917/18 mit 12% (wie i. V.) vor.

Neue Kapitalvermehrung österreichischer und ungarischer Banken. Aus Wien, 19. d. M., wird uns geschrieben: Die österreichischen und ungarischen Großbanken haben in der letzten Zeit erhebliche Kapitalerhöhungen beschlossen. Hausse an der Helsingforser Börse. Süddeutsche Drahtindustrie A.-G. Mannheim-Waldhof. Die Gesellschaft erzielte die Dividende 1917/18 mit 12% (wie i. V.) vor.

Neue Kapitalvermehrung österreichischer und ungarischer Banken. Aus Wien, 19. d. M., wird uns geschrieben: Die österreichischen und ungarischen Großbanken haben in der letzten Zeit erhebliche Kapitalerhöhungen beschlossen. Hausse an der Helsingforser Börse. Süddeutsche Drahtindustrie A.-G. Mannheim-Waldhof. Die Gesellschaft erzielte die Dividende 1917/18 mit 12% (wie i. V.) vor.
